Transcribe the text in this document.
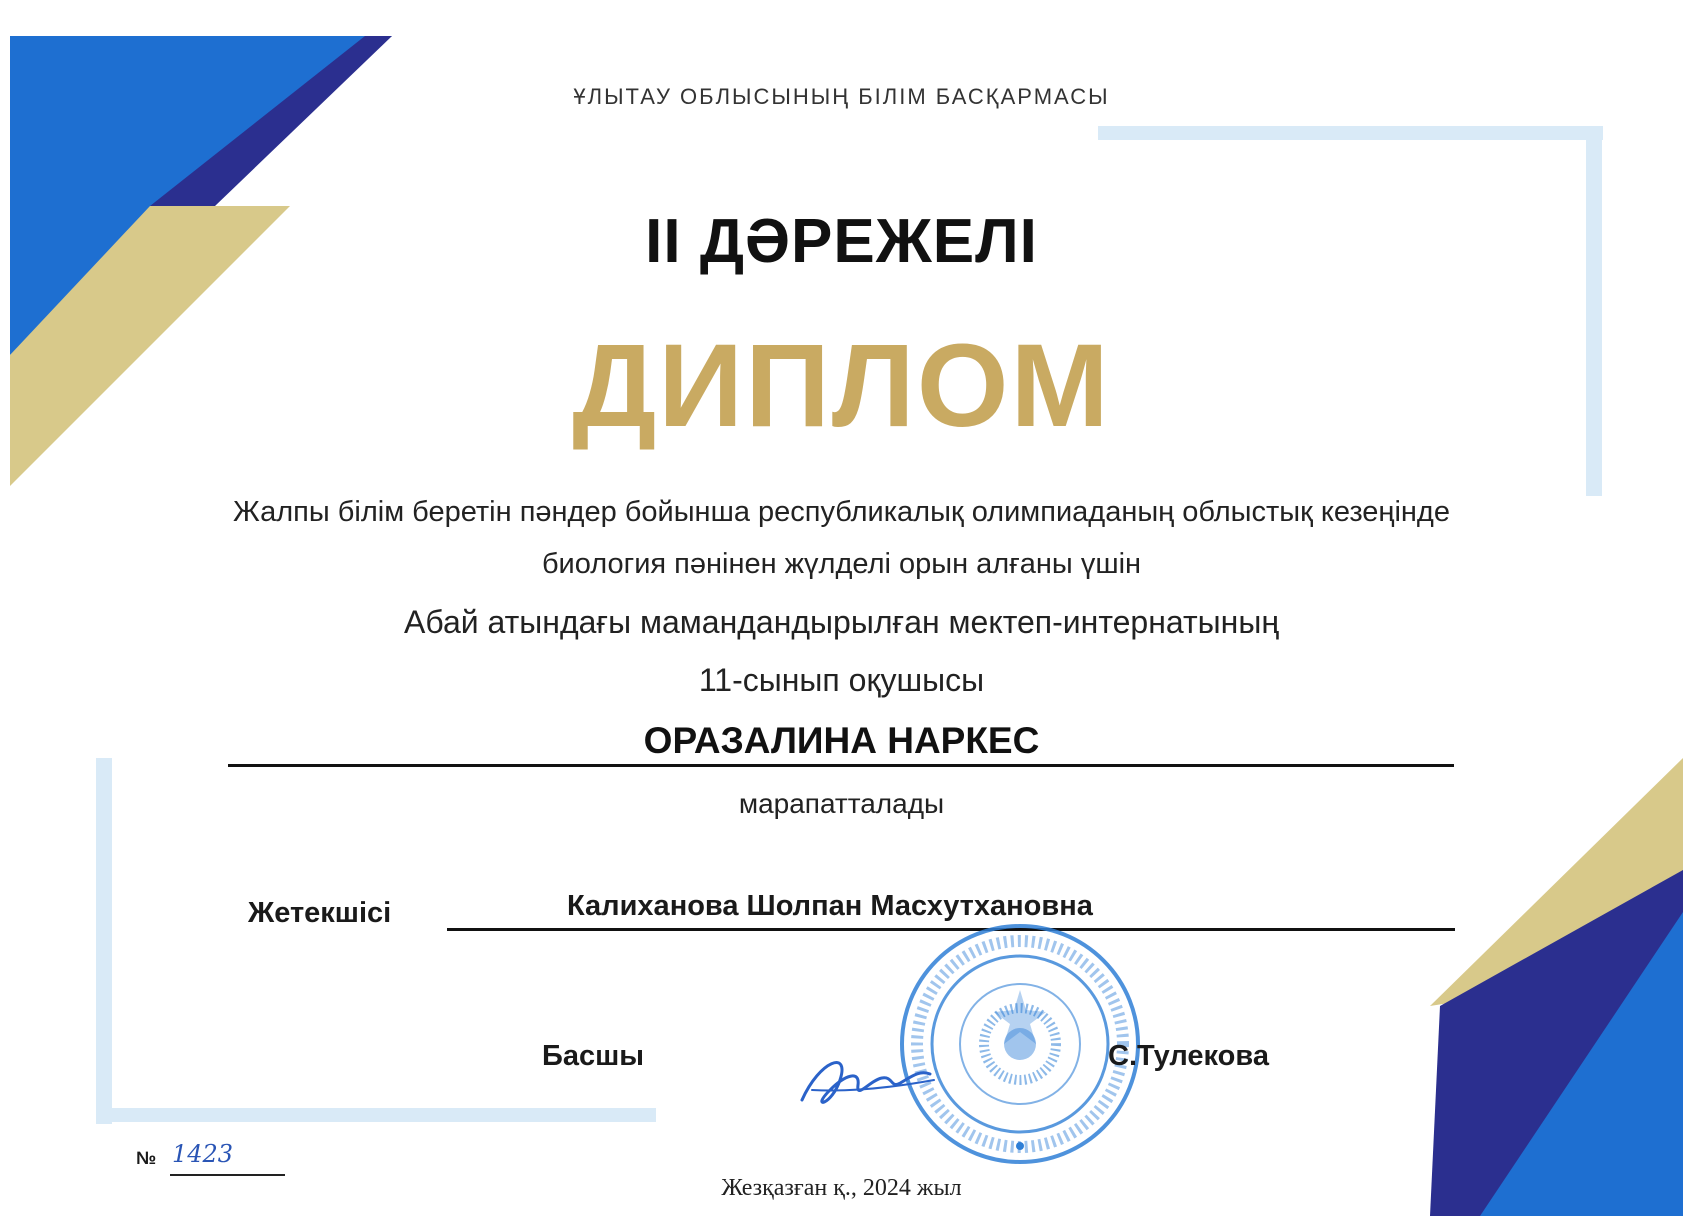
ҰЛЫТАУ ОБЛЫСЫНЫҢ БІЛІМ БАСҚАРМАСЫ
II ДӘРЕЖЕЛІ
ДИПЛОМ
Жалпы білім беретін пәндер бойынша республикалық олимпиаданың облыстық кезеңінде
биология пәнінен жүлделі орын алғаны үшін
Абай атындағы мамандандырылған мектеп-интернатының
11-сынып оқушысы
ОРАЗАЛИНА НАРКЕС
марапатталады
Жетекшісі	Калиханова Шолпан Масхутхановна
Басшы	С.Тулекова
№ 1423
Жезқазған қ., 2024 жыл
